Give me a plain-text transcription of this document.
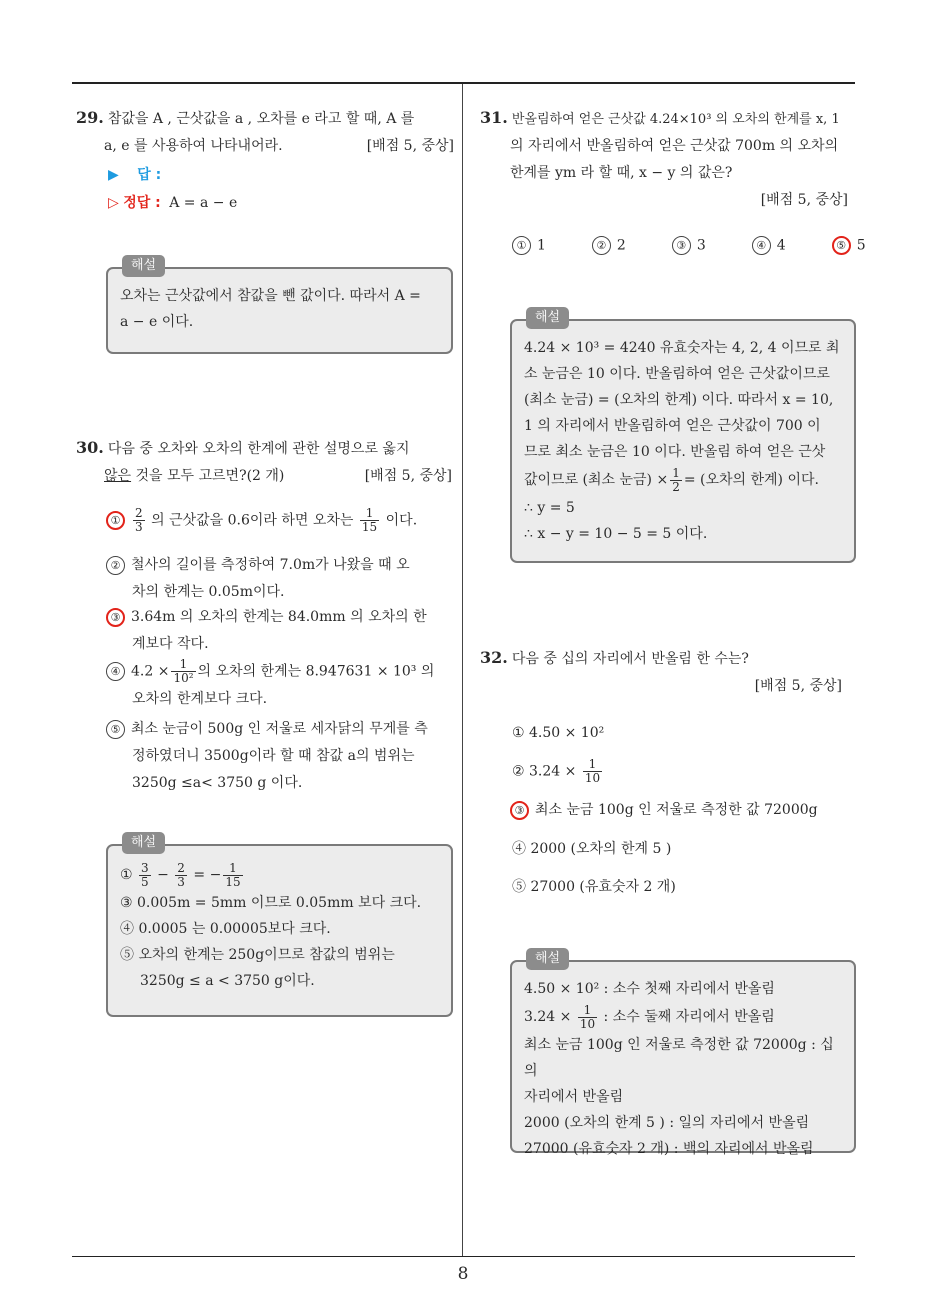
29. 참값을 A , 근삿값을 a , 오차를 e 라고 할 때, A 를
a, e 를 사용하여 나타내어라.	[배점 5, 중상]
▶ 답 :
▷ 정답 : A = a − e
해설
오차는 근삿값에서 참값을 뺀 값이다. 따라서 A =
a − e 이다.
30. 다음 중 오차와 오차의 한계에 관한 설명으로 옳지
않은 것을 모두 고르면?(2 개)	[배점 5, 중상]
① $\frac{2}{3}$ 의 근삿값을 0.6이라 하면 오차는 $\frac{1}{15}$ 이다.
② 철사의 길이를 측정하여 7.0m가 나왔을 때 오
차의 한계는 0.05m이다.
③ 3.64m 의 오차의 한계는 84.0mm 의 오차의 한
계보다 작다.
④ $4.2 \times \frac{1}{\text{10²}}$ 의 오차의 한계는 8.947631 × 10³ 의
오차의 한계보다 크다.
⑤ 최소 눈금이 500g 인 저울로 세자닭의 무게를 측
정하였더니 3500g이라 할 때 참값 a의 범위는
3250g ≤a< 3750 g 이다.
해설
① $\frac{3}{5} - \frac{2}{3}$ = − $\frac{1}{15}$
③ 0.005m = 5mm 이므로 0.05mm 보다 크다.
④ 0.0005 는 0.00005보다 크다.
⑤ 오차의 한계는 250g이므로 참값의 범위는
3250g ≤ a < 3750 g이다.
31. 반올림하여 얻은 근삿값 4.24×10³ 의 오차의 한계를 x, 1
의 자리에서 반올림하여 얻은 근삿값 700m 의 오차의
한계를 ym 라 할 때, x − y 의 값은?
[배점 5, 중상]
① 1	② 2	③ 3	④ 4	⑤ 5
해설
4.24 × 10³ = 4240 유효숫자는 4, 2, 4 이므로 최
소 눈금은 10 이다. 반올림하여 얻은 근삿값이므로
(최소 눈금) = (오차의 한계) 이다. 따라서 x = 10,
1 의 자리에서 반올림하여 얻은 근삿값이 700 이
므로 최소 눈금은 10 이다. 반올림 하여 얻은 근삿
값이므로 (최소 눈금) × $\frac{1}{2}$ = (오차의 한계) 이다.
∴ y = 5
∴ x − y = 10 − 5 = 5 이다.
32. 다음 중 십의 자리에서 반올림 한 수는?
[배점 5, 중상]
① 4.50 × 10²
② $3.24 \times \frac{1}{10}$
③ 최소 눈금 100g 인 저울로 측정한 값 72000g
④ 2000 (오차의 한계 5 )
⑤ 27000 (유효숫자 2 개)
해설
4.50 × 10² : 소수 첫째 자리에서 반올림
$3.24 \times \frac{1}{10}$ : 소수 둘째 자리에서 반올림
최소 눈금 100g 인 저울로 측정한 값 72000g : 십의
자리에서 반올림
2000 (오차의 한계 5 ) : 일의 자리에서 반올림
27000 (유효숫자 2 개) : 백의 자리에서 반올림
8
